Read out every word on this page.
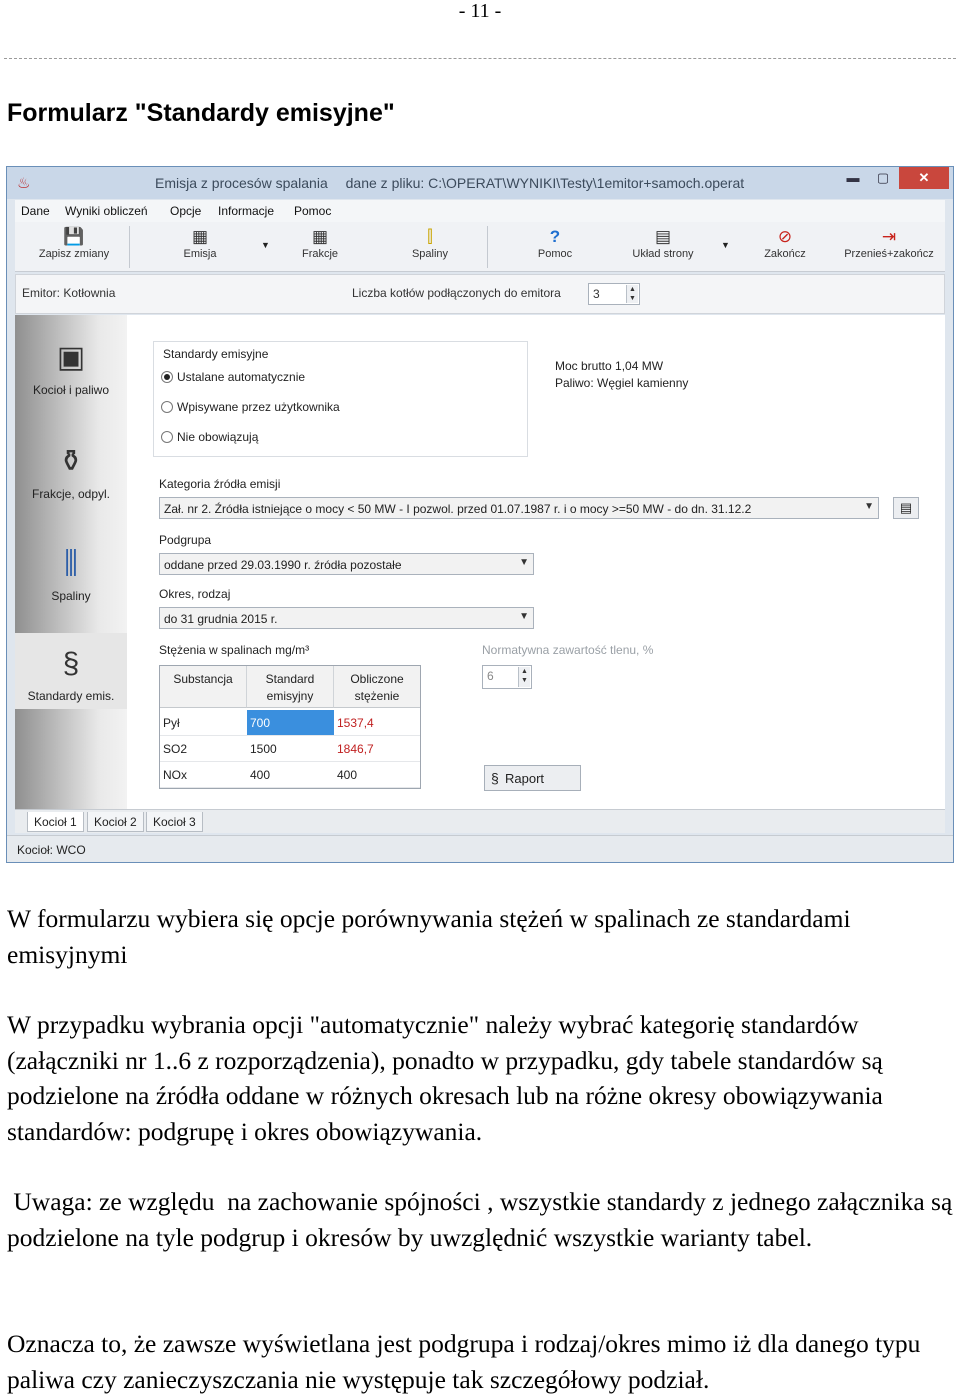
- 11 -
Formularz "Standardy emisyjne"
♨	Emisja z procesów spalania dane z pliku: C:\OPERAT\WYNIKI\Testy\1emitor+samoch.operat	▬	▢	✕
Dane Wyniki obliczeń Opcje Informacje Pomoc
💾
Zapisz zmiany
▦
Emisja
▼	▦
Frakcje
⫿
Spaliny
?
Pomoc
▤
Układ strony
▼	⊘
Zakończ
⇥
Przenieś+zakończ
Emitor: Kotłownia	Liczba kotłów podłączonych do emitora	3	▲
▼
▣
Kocioł i paliwo
⚱
Frakcje, odpyl.
⫼
Spaliny
§
Standardy emis.
Standardy emisyjne
Ustalane automatycznie
Wpisywane przez użytkownika
Nie obowiązują
Moc brutto 1,04 MW
Paliwo: Węgiel kamienny
Kategoria źródła emisji
Zał. nr 2. Źródła istniejące o mocy < 50 MW - I pozwol. przed 01.07.1987 r. i o mocy >=50 MW - do dn. 31.12.2	▼	▤
Podgrupa
oddane przed 29.03.1990 r. źródła pozostałe	▼
Okres, rodzaj
do 31 grudnia 2015 r.	▼
Stężenia w spalinach mg/m³	Normatywna zawartość tlenu, %
6	▲
▼
Substancja	Standard
emisyjny
Obliczone
stężenie
Pył	700	1537,4
SO2	1500	1846,7
NOx	400	400	§ Raport
Kocioł 1	Kocioł 2	Kocioł 3
Kocioł: WCO
W formularzu wybiera się opcje porównywania stężeń w spalinach ze standardami emisyjnymi
W przypadku wybrania opcji "automatycznie" należy wybrać kategorię standardów (załączniki nr 1..6 z rozporządzenia), ponadto w przypadku, gdy tabele standardów są podzielone na źródła oddane w różnych okresach lub na różne okresy obowiązywania standardów: podgrupę i okres obowiązywania.
Uwaga: ze względu  na zachowanie spójności , wszystkie standardy z jednego załącznika są podzielone na tyle podgrup i okresów by uwzględnić wszystkie warianty tabel.
Oznacza to, że zawsze wyświetlana jest podgrupa i rodzaj/okres mimo iż dla danego typu paliwa czy zanieczyszczania nie występuje tak szczegółowy podział.
